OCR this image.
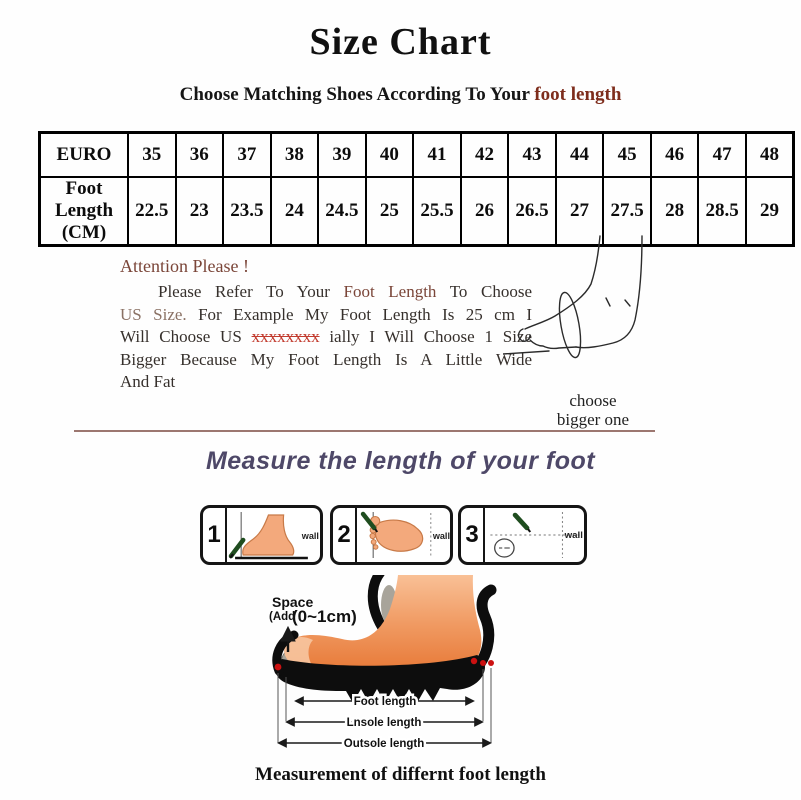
Size Chart
Choose Matching Shoes According To Your foot length
EURO	35	36	37	38	39	40	41	42	43	44	45	46	47	48
Foot Length (CM)	22.5	23	23.5	24	24.5	25	25.5	26	26.5	27	27.5	28	28.5	29
Attention Please !
Please Refer To Your Foot Length To Choose
US Size. For Example My Foot Length Is 25 cm I
Will Choose US xxxxxxxx ially I Will Choose 1 Size
Bigger Because My Foot Length Is A Little Wide
And Fat
choose
bigger one
Measure the length of your foot
1	wall 2	wall 3	wall
Foot length
Lnsole length
Outsole length
Space
(Add
(0~1cm)
Measurement of differnt foot length
